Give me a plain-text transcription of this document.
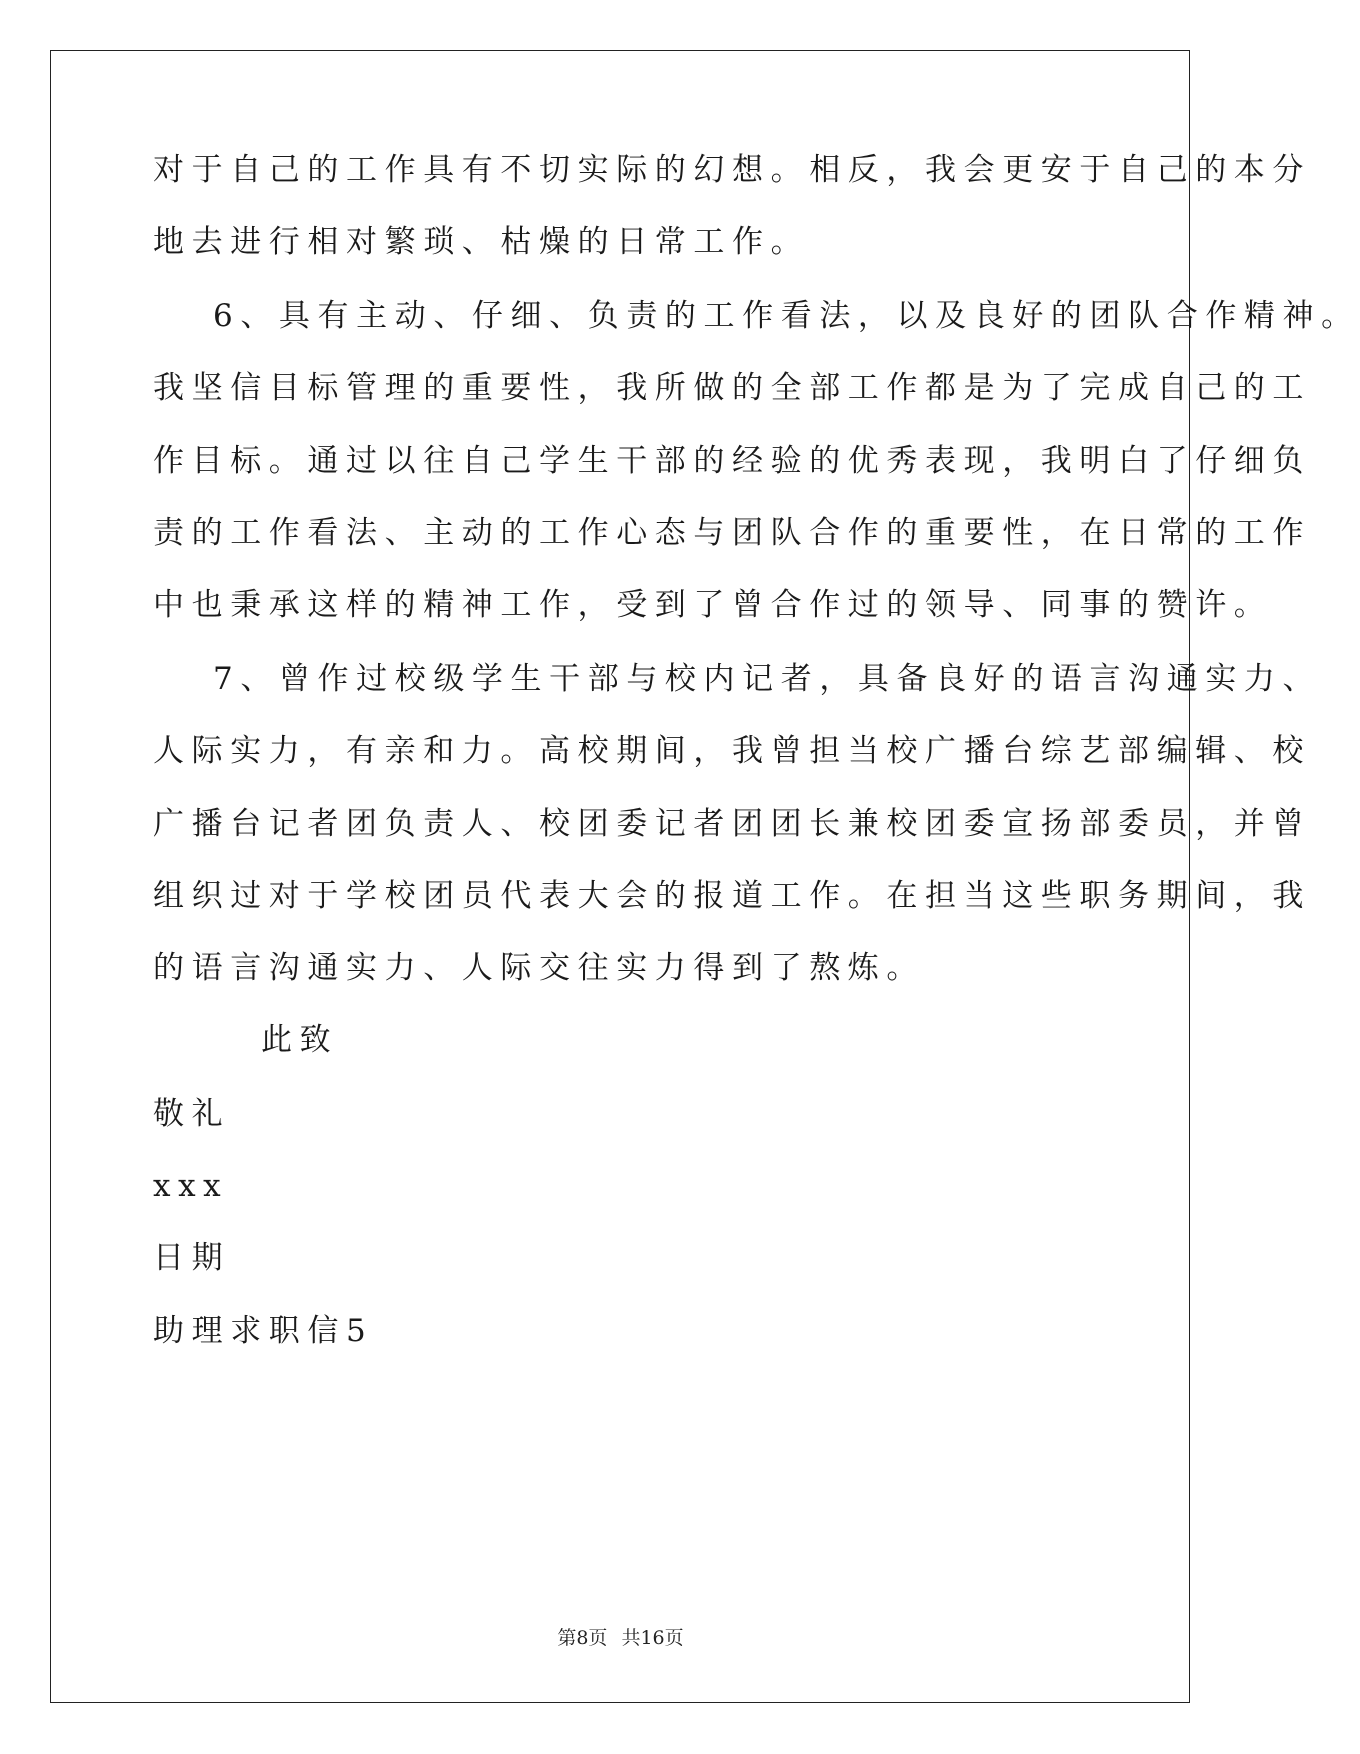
对于自己的工作具有不切实际的幻想。相反，我会更安于自己的本分
地去进行相对繁琐、枯燥的日常工作。
6、具有主动、仔细、负责的工作看法，以及良好的团队合作精神。
我坚信目标管理的重要性，我所做的全部工作都是为了完成自己的工
作目标。通过以往自己学生干部的经验的优秀表现，我明白了仔细负
责的工作看法、主动的工作心态与团队合作的重要性，在日常的工作
中也秉承这样的精神工作，受到了曾合作过的领导、同事的赞许。
7、曾作过校级学生干部与校内记者，具备良好的语言沟通实力、
人际实力，有亲和力。高校期间，我曾担当校广播台综艺部编辑、校
广播台记者团负责人、校团委记者团团长兼校团委宣扬部委员，并曾
组织过对于学校团员代表大会的报道工作。在担当这些职务期间，我
的语言沟通实力、人际交往实力得到了熬炼。
此致
敬礼
xxx
日期
助理求职信5
第8页 共16页
